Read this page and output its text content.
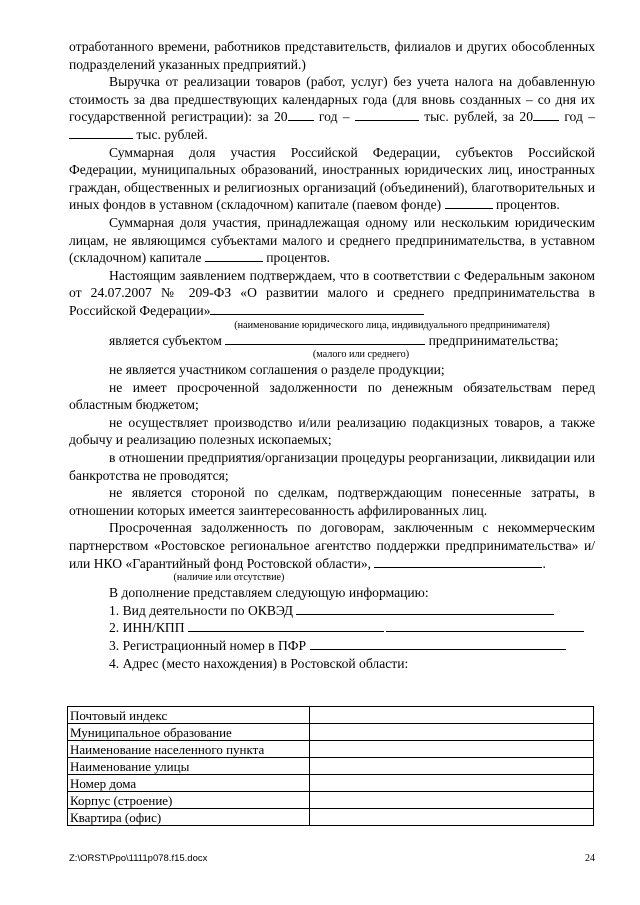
отработанного времени, работников представительств, филиалов и других обособленных подразделений указанных предприятий.)

Выручка от реализации товаров (работ, услуг) без учета налога на добавленную стоимость за два предшествующих календарных года (для вновь созданных – со дня их государственной регистрации): за 20 год –	тыс. рублей, за 20 год –  тыс. рублей.

Суммарная доля участия Российской Федерации, субъектов Российской Федерации, муниципальных образований, иностранных юридических лиц, иностранных граждан, общественных и религиозных организаций (объединений), благотворительных и иных фондов в уставном (складочном) капитале (паевом фонде)	процентов.

Суммарная доля участия, принадлежащая одному или нескольким юридическим лицам, не являющимся субъектами малого и среднего предпринимательства, в уставном (складочном) капитале	процентов.

Настоящим заявлением подтверждаем, что в соответствии с Федеральным законом от 24.07.2007 № 209-ФЗ «О развитии малого и среднего предпринимательства в Российской Федерации»

(наименование юридического лица, индивидуального предпринимателя)

является субъектом	предпринимательства;

(малого или среднего)

не является участником соглашения о разделе продукции;

не имеет просроченной задолженности по денежным обязательствам перед областным бюджетом;

не осуществляет производство и/или реализацию подакцизных товаров, а также добычу и реализацию полезных ископаемых;

в отношении предприятия/организации процедуры реорганизации, ликвидации или банкротства не проводятся;

не является стороной по сделкам, подтверждающим понесенные затраты, в отношении которых имеется заинтересованность аффилированных лиц.

Просроченная задолженность по договорам, заключенным с некоммерческим партнерством «Ростовское региональное агентство поддержки предпринимательства» и/или НКО «Гарантийный фонд Ростовской области»,	.

(наличие или отсутствие)

В дополнение представляем следующую информацию:

1. Вид деятельности по ОКВЭД

2. ИНН/КПП

3. Регистрационный номер в ПФР

4. Адрес (место нахождения) в Ростовской области:

Почтовый индекс	
Муниципальное образование	
Наименование населенного пункта	
Наименование улицы	
Номер дома	
Корпус (строение)	
Квартира (офис)	
Z:\ORST\Ppo\1111p078.f15.docx	24
